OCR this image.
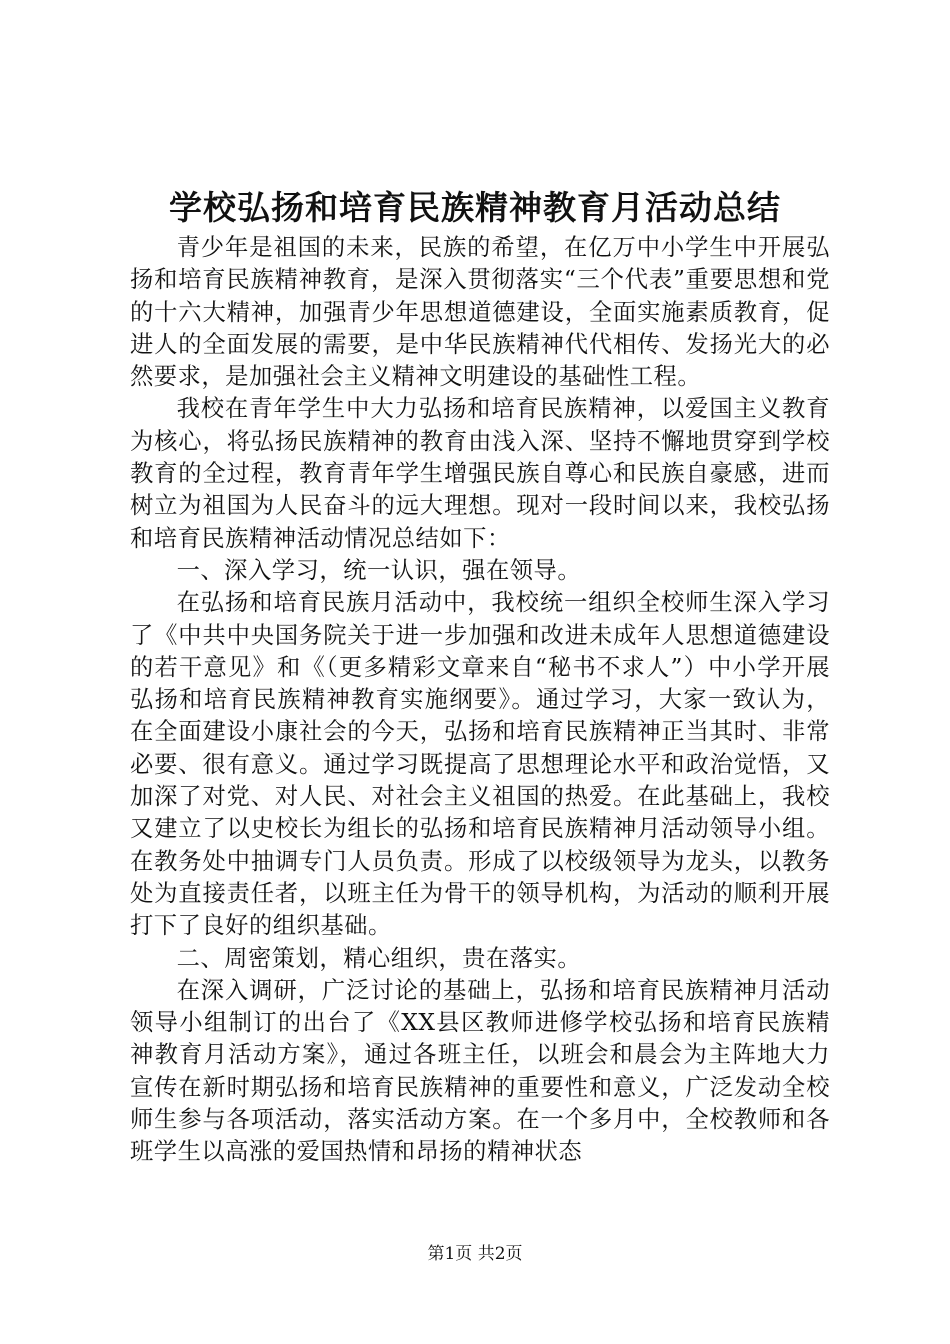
学校弘扬和培育民族精神教育月活动总结

青少年是祖国的未来，民族的希望，在亿万中小学生中开展弘扬和培育民族精神教育，是深入贯彻落实“三个代表”重要思想和党的十六大精神，加强青少年思想道德建设，全面实施素质教育，促进人的全面发展的需要，是中华民族精神代代相传、发扬光大的必然要求，是加强社会主义精神文明建设的基础性工程。

我校在青年学生中大力弘扬和培育民族精神，以爱国主义教育为核心，将弘扬民族精神的教育由浅入深、坚持不懈地贯穿到学校教育的全过程，教育青年学生增强民族自尊心和民族自豪感，进而树立为祖国为人民奋斗的远大理想。现对一段时间以来，我校弘扬和培育民族精神活动情况总结如下：

一、深入学习，统一认识，强在领导。

在弘扬和培育民族月活动中，我校统一组织全校师生深入学习了《中共中央国务院关于进一步加强和改进未成年人思想道德建设的若干意见》和《（更多精彩文章来自“秘书不求人”）中小学开展弘扬和培育民族精神教育实施纲要》。通过学习，大家一致认为，在全面建设小康社会的今天，弘扬和培育民族精神正当其时、非常必要、很有意义。通过学习既提高了思想理论水平和政治觉悟，又加深了对党、对人民、对社会主义祖国的热爱。在此基础上，我校又建立了以史校长为组长的弘扬和培育民族精神月活动领导小组。在教务处中抽调专门人员负责。形成了以校级领导为龙头，以教务处为直接责任者，以班主任为骨干的领导机构，为活动的顺利开展打下了良好的组织基础。

二、周密策划，精心组织，贵在落实。

在深入调研，广泛讨论的基础上，弘扬和培育民族精神月活动领导小组制订的出台了《XX县区教师进修学校弘扬和培育民族精神教育月活动方案》，通过各班主任，以班会和晨会为主阵地大力宣传在新时期弘扬和培育民族精神的重要性和意义，广泛发动全校师生参与各项活动，落实活动方案。在一个多月中，全校教师和各班学生以高涨的爱国热情和昂扬的精神状态

第1页 共2页
